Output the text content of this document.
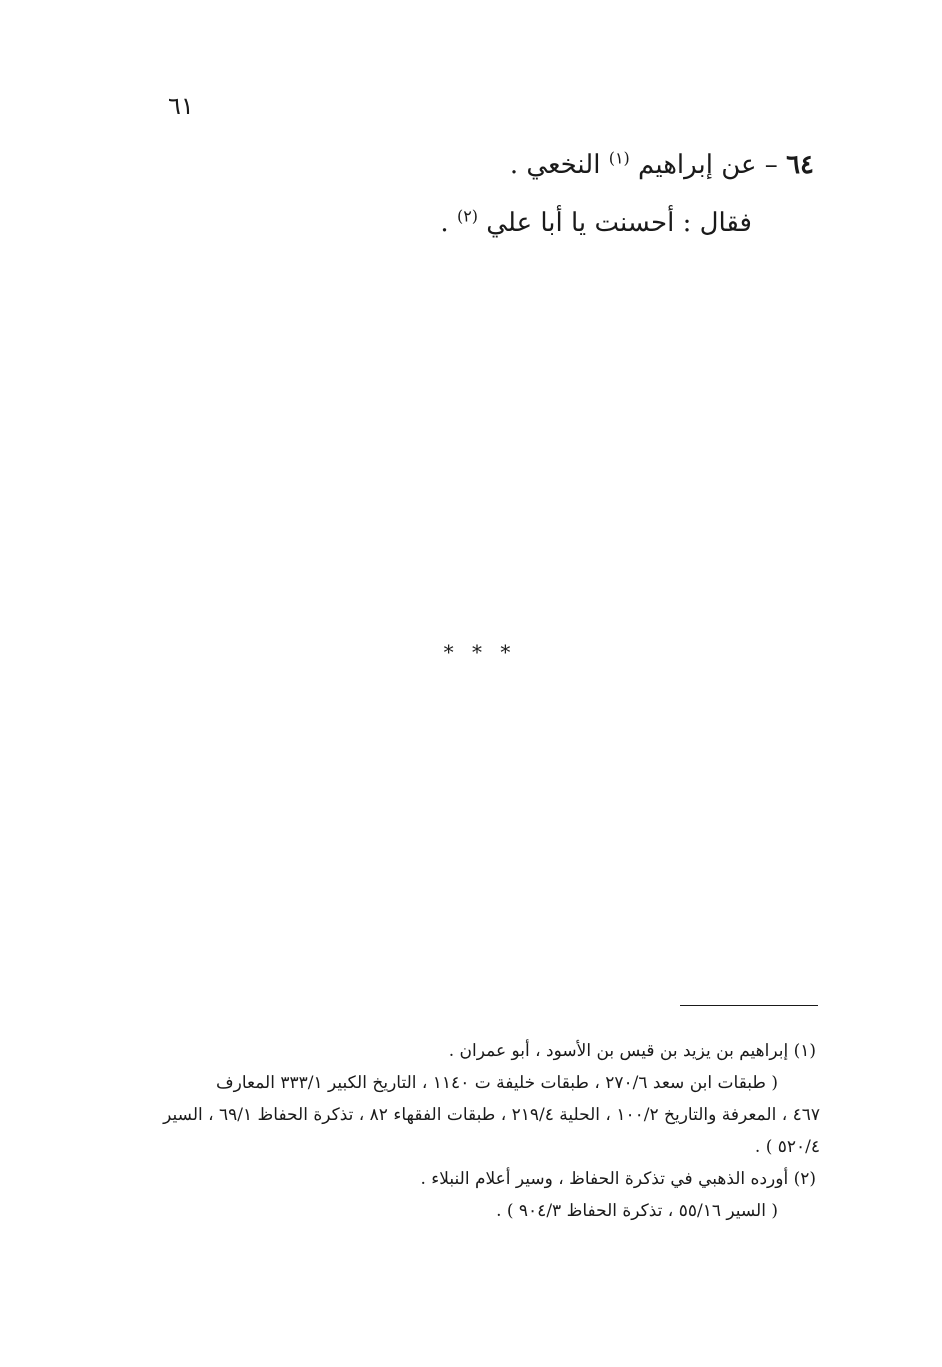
٦١
٦٤ – عن إبراهيم $^{(١)}$ النخعي .
فقال : أحسنت يا أبا علي $^{(٢)}$ .
* * *
(١) إبراهيم بن يزيد بن قيس بن الأسود ، أبو عمران .
( طبقات ابن سعد ٢٧٠/٦ ، طبقات خليفة ت ١١٤٠ ، التاريخ الكبير ٣٣٣/١ المعارف
٤٦٧ ، المعرفة والتاريخ ١٠٠/٢ ، الحلية ٢١٩/٤ ، طبقات الفقهاء ٨٢ ، تذكرة الحفاظ ٦٩/١ ، السير
٥٢٠/٤ ) .
(٢) أورده الذهبي في تذكرة الحفاظ ، وسير أعلام النبلاء .
( السير ٥٥/١٦ ، تذكرة الحفاظ ٩٠٤/٣ ) .
